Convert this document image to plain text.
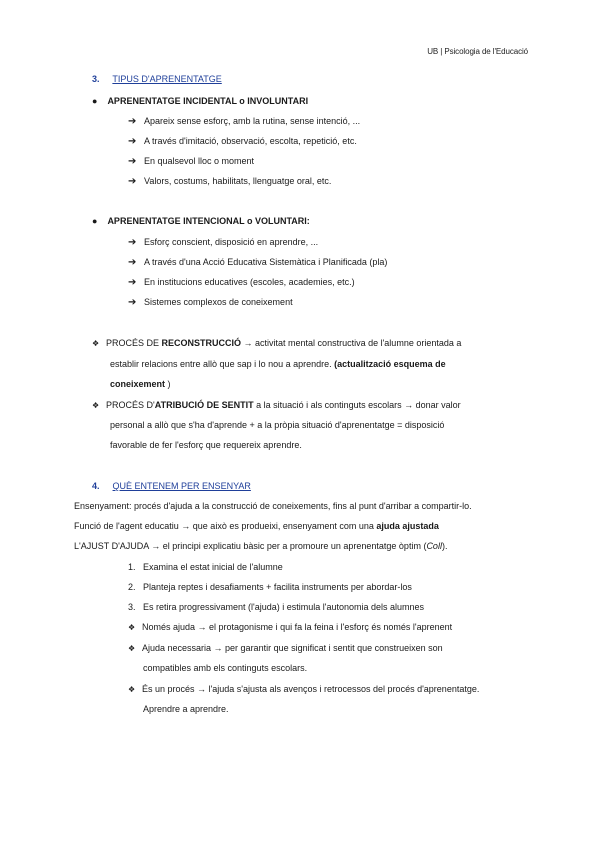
UB | Psicologia de l'Educació
3. TIPUS D'APRENENTATGE
● APRENENTATGE INCIDENTAL o INVOLUNTARI
➔ Apareix sense esforç, amb la rutina, sense intenció, ...
➔ A través d'imitació, observació, escolta, repetició, etc.
➔ En qualsevol lloc o moment
➔ Valors, costums, habilitats, llenguatge oral, etc.
● APRENENTATGE INTENCIONAL o VOLUNTARI:
➔ Esforç conscient, disposició en aprendre, ...
➔ A través d'una Acció Educativa Sistemàtica i Planificada (pla)
➔ En institucions educatives (escoles, academies, etc.)
➔ Sistemes complexos de coneixement
❖ PROCÉS DE RECONSTRUCCIÓ → activitat mental constructiva de l'alumne orientada a
establir relacions entre allò que sap i lo nou a aprendre. (actualització esquema de
coneixement )
❖ PROCÉS D'ATRIBUCIÓ DE SENTIT a la situació i als continguts escolars → donar valor
personal a allò que s'ha d'aprende + a la pròpia situació d'aprenentatge = disposició
favorable de fer l'esforç que requereix aprendre.
4. QUÈ ENTENEM PER ENSENYAR
Ensenyament: procés d'ajuda a la construcció de coneixements, fins al punt d'arribar a compartir-lo.
Funció de l'agent educatiu → que això es produeixi, ensenyament com una ajuda ajustada
L'AJUST D'AJUDA → el principi explicatiu bàsic per a promoure un aprenentatge òptim (Coll).
1. Examina el estat inicial de l'alumne
2. Planteja reptes i desafiaments + facilita instruments per abordar-los
3. Es retira progressivament (l'ajuda) i estimula l'autonomia dels alumnes
❖ Només ajuda → el protagonisme i qui fa la feina i l'esforç és només l'aprenent
❖ Ajuda necessaria → per garantir que significat i sentit que construeixen son
compatibles amb els continguts escolars.
❖ És un procés → l'ajuda s'ajusta als avenços i retrocessos del procés d'aprenentatge.
Aprendre a aprendre.
